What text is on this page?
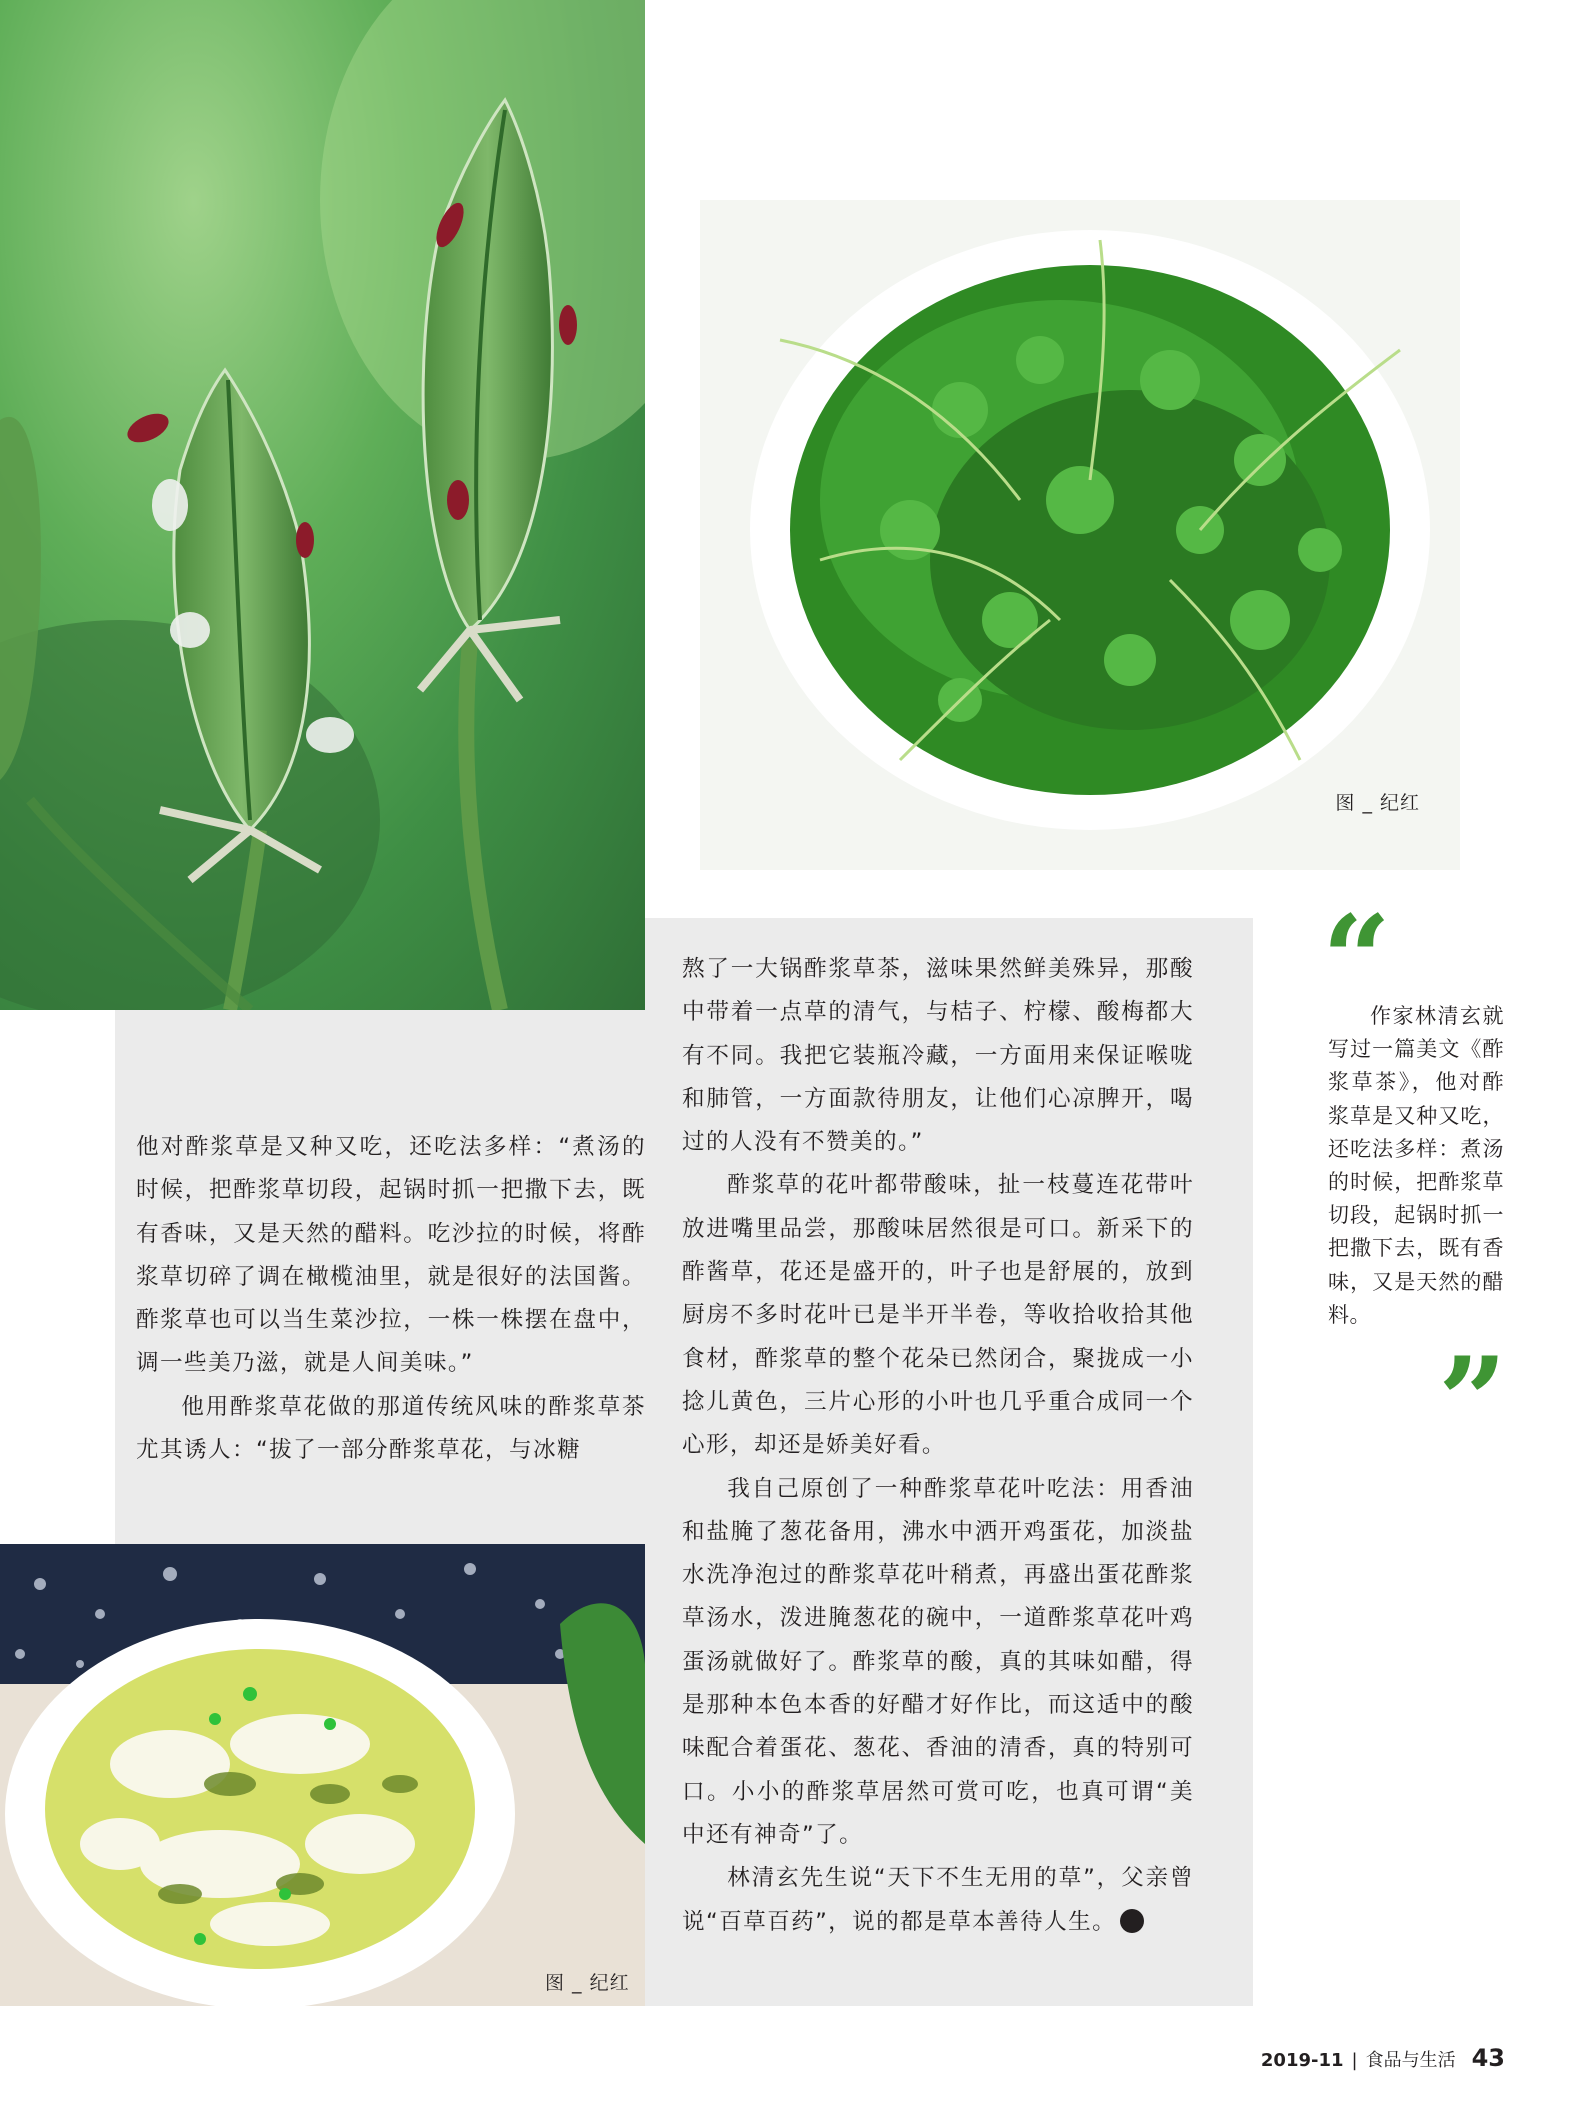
图 _ 纪红
图 _ 纪红

他对酢浆草是又种又吃，还吃法多样：“煮汤的时候，把酢浆草切段，起锅时抓一把撒下去，既有香味，又是天然的醋料。吃沙拉的时候，将酢浆草切碎了调在橄榄油里，就是很好的法国酱。酢浆草也可以当生菜沙拉，一株一株摆在盘中，调一些美乃滋，就是人间美味。”

他用酢浆草花做的那道传统风味的酢浆草茶尤其诱人：“拔了一部分酢浆草花，与冰糖

熬了一大锅酢浆草茶，滋味果然鲜美殊异，那酸中带着一点草的清气，与桔子、柠檬、酸梅都大有不同。我把它装瓶冷藏，一方面用来保证喉咙和肺管，一方面款待朋友，让他们心凉脾开，喝过的人没有不赞美的。”

酢浆草的花叶都带酸味，扯一枝蔓连花带叶放进嘴里品尝，那酸味居然很是可口。新采下的酢酱草，花还是盛开的，叶子也是舒展的，放到厨房不多时花叶已是半开半卷，等收拾收拾其他食材，酢浆草的整个花朵已然闭合，聚拢成一小捻儿黄色，三片心形的小叶也几乎重合成同一个心形，却还是娇美好看。

我自己原创了一种酢浆草花叶吃法：用香油和盐腌了葱花备用，沸水中洒开鸡蛋花，加淡盐水洗净泡过的酢浆草花叶稍煮，再盛出蛋花酢浆草汤水，泼进腌葱花的碗中，一道酢浆草花叶鸡蛋汤就做好了。酢浆草的酸，真的其味如醋，得是那种本色本香的好醋才好作比，而这适中的酸味配合着蛋花、葱花、香油的清香，真的特别可口。小小的酢浆草居然可赏可吃，也真可谓“美中还有神奇”了。

林清玄先生说“天下不生无用的草”，父亲曾说“百草百药”，说的都是草本善待人生。

“
作家林清玄就写过一篇美文《酢浆草茶》，他对酢浆草是又种又吃，还吃法多样：煮汤的时候，把酢浆草切段，起锅时抓一把撒下去，既有香味，又是天然的醋料。
”
2019-11 | 食品与生活 43
